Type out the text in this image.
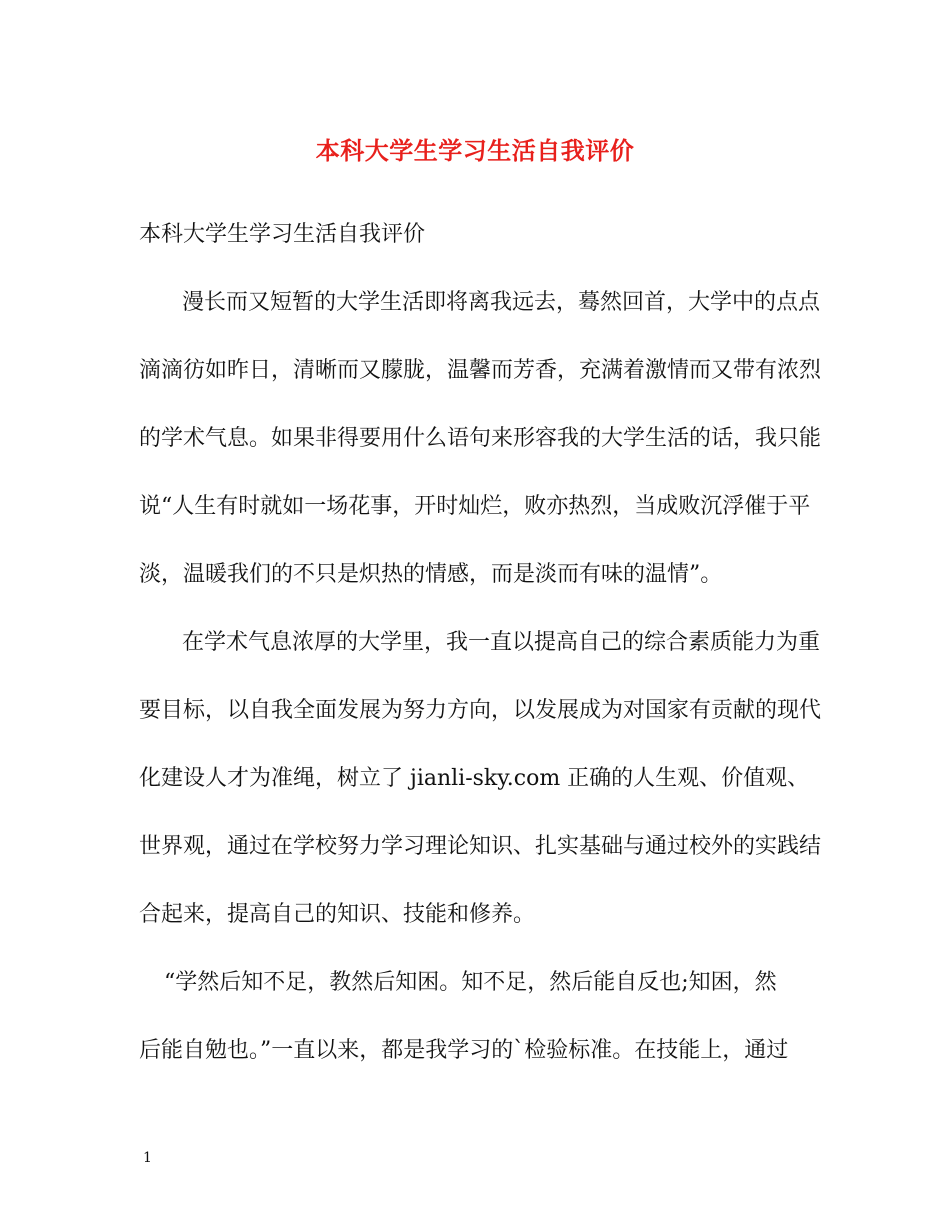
本科大学生学习生活自我评价
本科大学生学习生活自我评价
漫长而又短暂的大学生活即将离我远去，蓦然回首，大学中的点点
滴滴彷如昨日，清晰而又朦胧，温馨而芳香，充满着激情而又带有浓烈
的学术气息。如果非得要用什么语句来形容我的大学生活的话，我只能
说“人生有时就如一场花事，开时灿烂，败亦热烈，当成败沉浮催于平
淡，温暖我们的不只是炽热的情感，而是淡而有味的温情”。
在学术气息浓厚的大学里，我一直以提高自己的综合素质能力为重
要目标，以自我全面发展为努力方向，以发展成为对国家有贡献的现代
化建设人才为准绳，树立了 jianli-sky.com 正确的人生观、价值观、
世界观，通过在学校努力学习理论知识、扎实基础与通过校外的实践结
合起来，提高自己的知识、技能和修养。
“学然后知不足，教然后知困。知不足，然后能自反也;知困，然
后能自勉也。”一直以来，都是我学习的`检验标准。在技能上，通过
1
